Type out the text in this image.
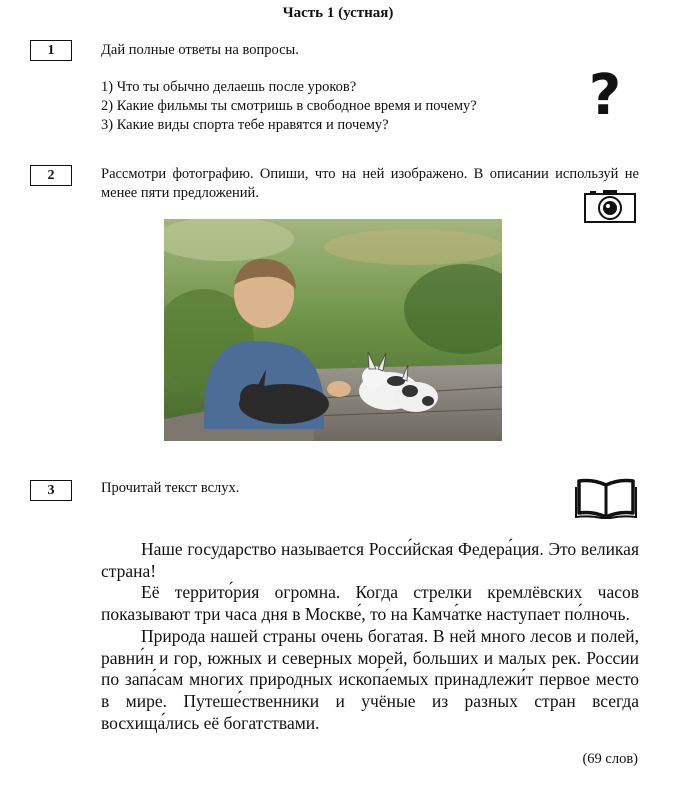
Часть 1 (устная)
1	Дай полные ответы на вопросы.
1) Что ты обычно делаешь после уроков?
2) Какие фильмы ты смотришь в свободное время и почему?
3) Какие виды спорта тебе нравятся и почему?	?
2	Рассмотри фотографию. Опиши, что на ней изображено. В описании используй не менее пяти предложений.
3	Прочитай текст вслух.

Наше государство называется Росси́йская Федера́ция. Это великая страна!

Её террито́рия огромна. Когда стрелки кремлёвских часов показывают три часа дня в Москве́, то на Камча́тке наступает по́лночь.

Природа нашей страны очень богатая. В ней много лесов и полей, равни́н и гор, южных и северных морей, больших и малых рек. России по запа́сам многих природных ископа́емых принадлежи́т первое место в мире. Путеше́ственники и учёные из разных стран всегда восхища́лись её богатствами.

(69 слов)
